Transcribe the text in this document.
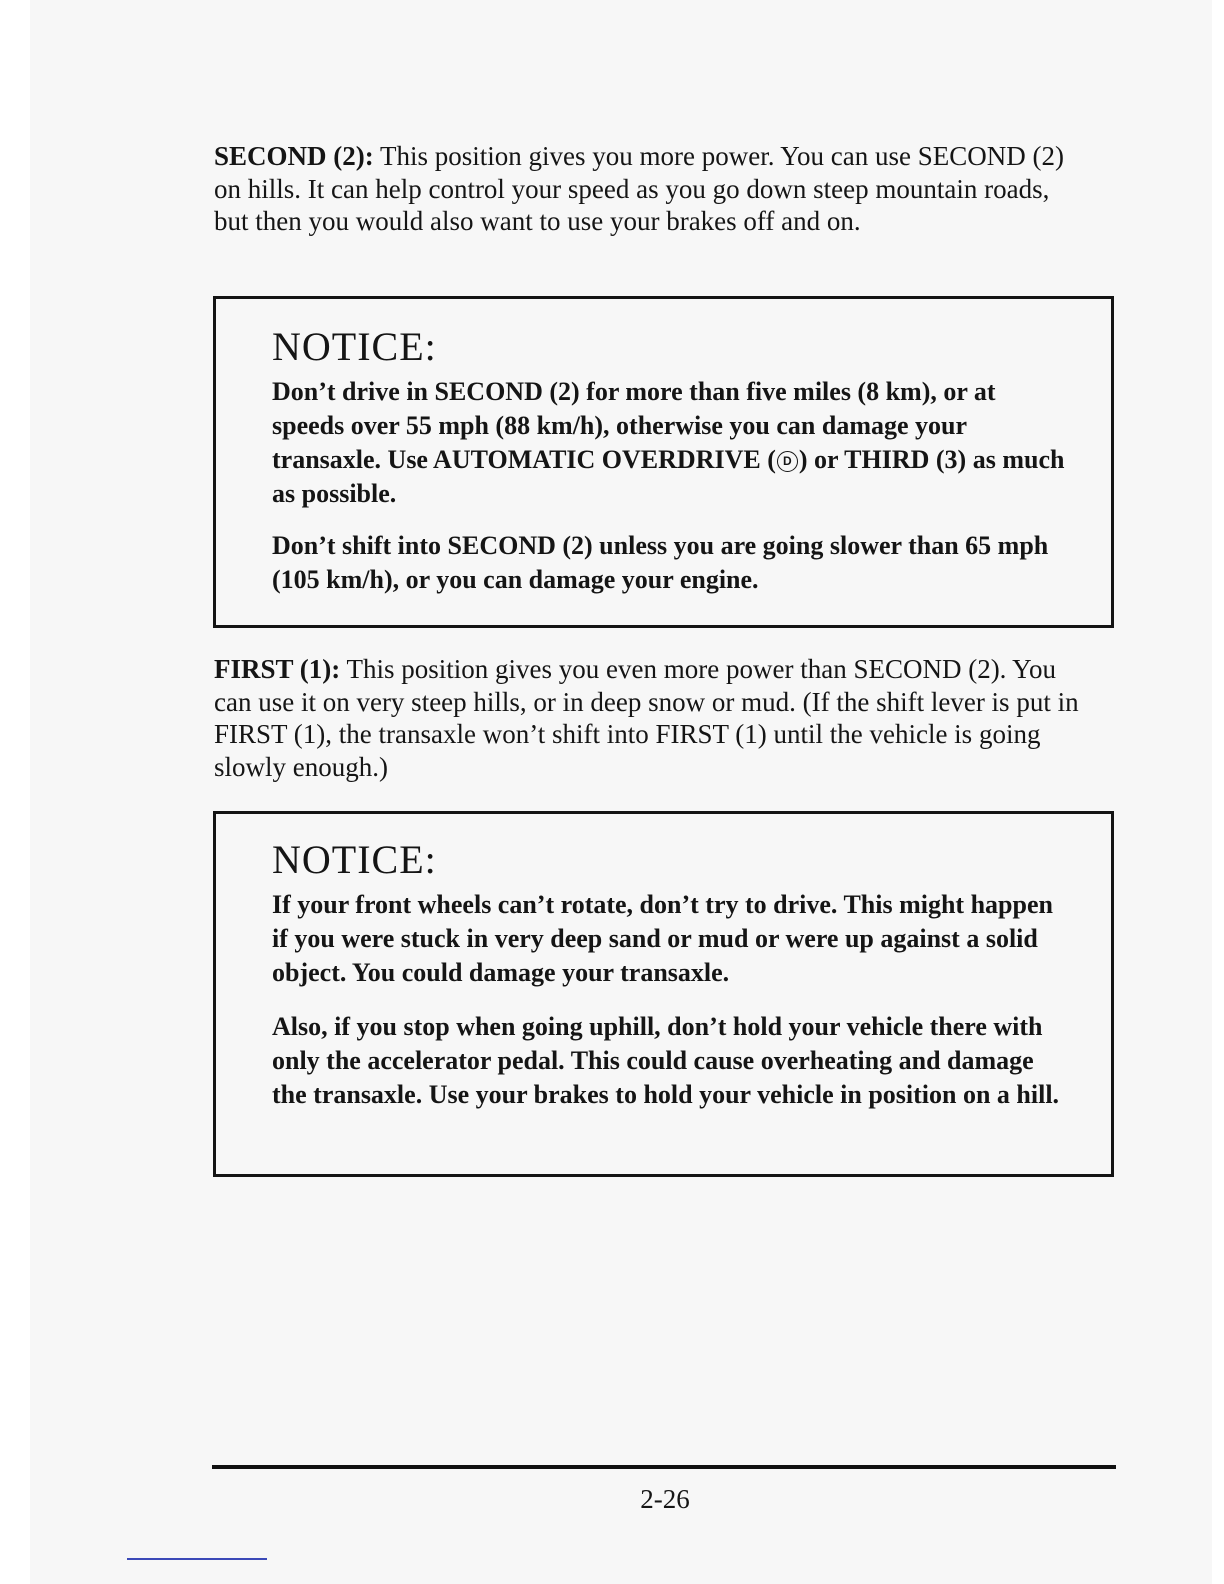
SECOND (2): This position gives you more power. You can use SECOND (2) on hills. It can help control your speed as you go down steep mountain roads, but then you would also want to use your brakes off and on.

NOTICE:

Don’t drive in SECOND (2) for more than five miles (8 km), or at speeds over 55 mph (88 km/h), otherwise you can damage your transaxle. Use AUTOMATIC OVERDRIVE ( D ) or THIRD (3) as much as possible.

Don’t shift into SECOND (2) unless you are going slower than 65 mph (105 km/h), or you can damage your engine.

FIRST (1): This position gives you even more power than SECOND (2). You can use it on very steep hills, or in deep snow or mud. (If the shift lever is put in FIRST (1), the transaxle won’t shift into FIRST (1) until the vehicle is going slowly enough.)

NOTICE:

If your front wheels can’t rotate, don’t try to drive. This might happen if you were stuck in very deep sand or mud or were up against a solid object. You could damage your transaxle.

Also, if you stop when going uphill, don’t hold your vehicle there with only the accelerator pedal. This could cause overheating and damage the transaxle. Use your brakes to hold your vehicle in position on a hill.

2-26
